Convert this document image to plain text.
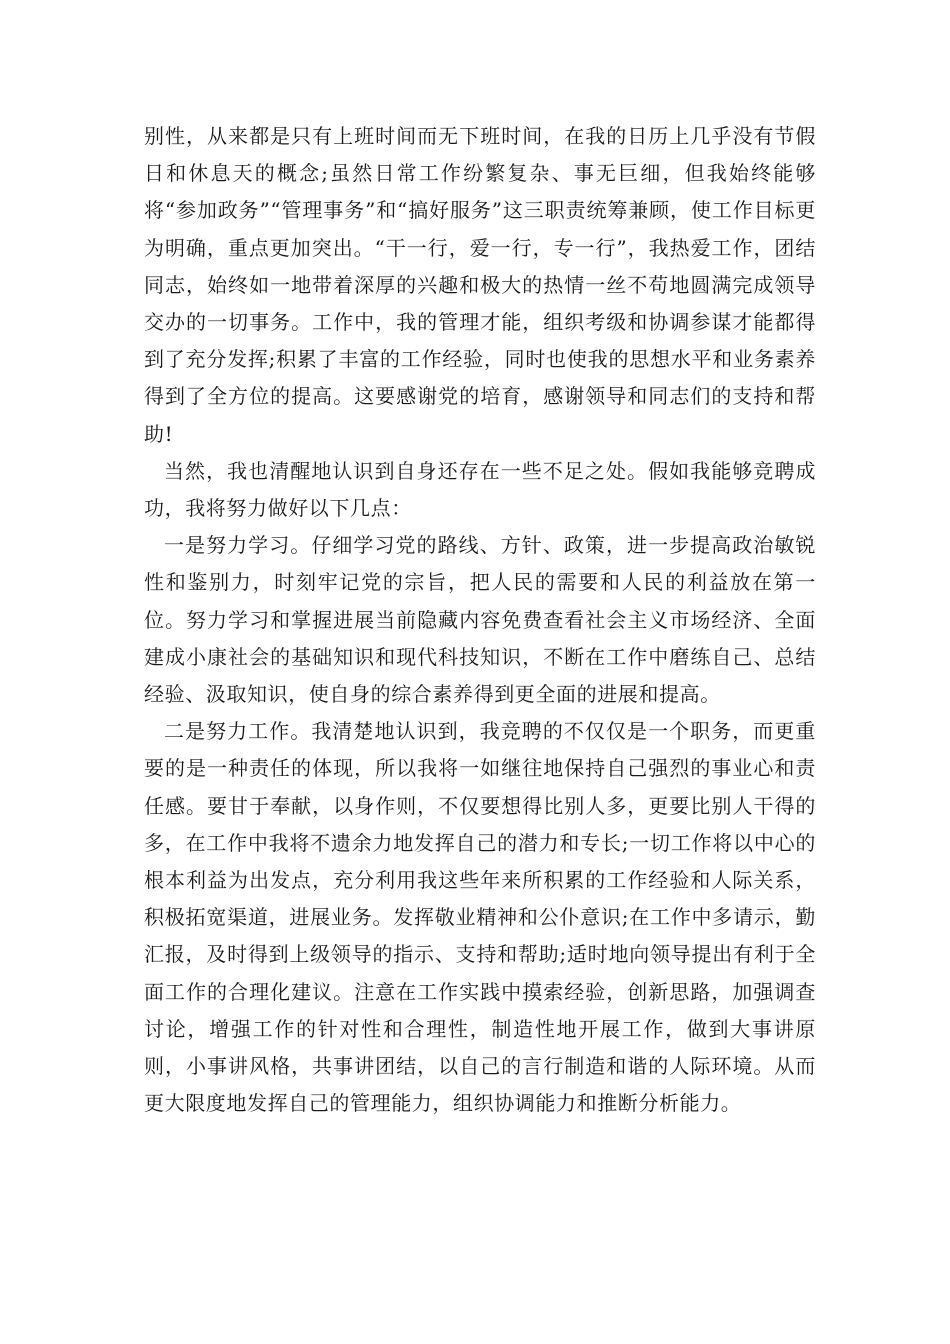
别性，从来都是只有上班时间而无下班时间，在我的日历上几乎没有节假日和休息天的概念;虽然日常工作纷繁复杂、事无巨细，但我始终能够将“参加政务”“管理事务”和“搞好服务”这三职责统筹兼顾，使工作目标更为明确，重点更加突出。“干一行，爱一行，专一行”，我热爱工作，团结同志，始终如一地带着深厚的兴趣和极大的热情一丝不苟地圆满完成领导交办的一切事务。工作中，我的管理才能，组织考级和协调参谋才能都得到了充分发挥;积累了丰富的工作经验，同时也使我的思想水平和业务素养得到了全方位的提高。这要感谢党的培育，感谢领导和同志们的支持和帮助!

当然，我也清醒地认识到自身还存在一些不足之处。假如我能够竞聘成功，我将努力做好以下几点：

一是努力学习。仔细学习党的路线、方针、政策，进一步提高政治敏锐性和鉴别力，时刻牢记党的宗旨，把人民的需要和人民的利益放在第一位。努力学习和掌握进展当前隐藏内容免费查看社会主义市场经济、全面建成小康社会的基础知识和现代科技知识，不断在工作中磨练自己、总结经验、汲取知识，使自身的综合素养得到更全面的进展和提高。

二是努力工作。我清楚地认识到，我竞聘的不仅仅是一个职务，而更重要的是一种责任的体现，所以我将一如继往地保持自己强烈的事业心和责任感。要甘于奉献，以身作则，不仅要想得比别人多，更要比别人干得的多，在工作中我将不遗余力地发挥自己的潜力和专长;一切工作将以中心的根本利益为出发点，充分利用我这些年来所积累的工作经验和人际关系，积极拓宽渠道，进展业务。发挥敬业精神和公仆意识;在工作中多请示，勤汇报，及时得到上级领导的指示、支持和帮助;适时地向领导提出有利于全面工作的合理化建议。注意在工作实践中摸索经验，创新思路，加强调查讨论，增强工作的针对性和合理性，制造性地开展工作，做到大事讲原则，小事讲风格，共事讲团结，以自己的言行制造和谐的人际环境。从而更大限度地发挥自己的管理能力，组织协调能力和推断分析能力。
